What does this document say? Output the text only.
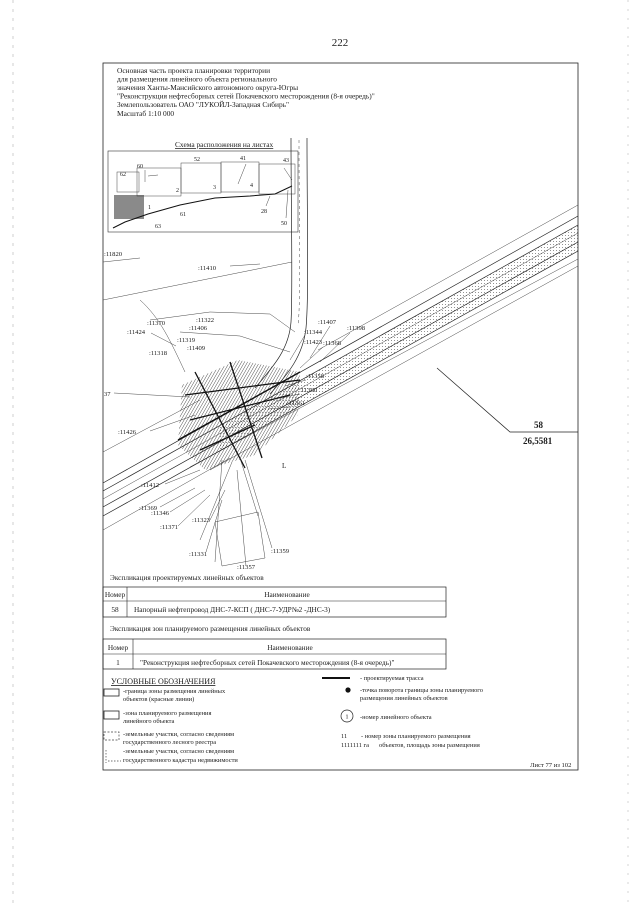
222
Основная часть проекта планировки территории
для размещения линейного объекта регионального
значения Ханты-Мансийского автономного округа-Югры
"Реконструкция нефтесборных сетей Покачевского месторождения (8-я очередь)"
Землепользователь ОАО "ЛУКОЙЛ-Западная Сибирь"
Масштаб 1:10 000
Схема расположения на листах
62
60
52	41	43
2	3	4
1
63
61	28
50
:11820
:11410
:11370	:11322
:11406
:11424
:11319
:11409
:11318
:11407
:11398
:11344
:11423 :11368
:11358
:11360
:11361
:11426
:11412
:11369
:11346
:11371
:11323
:11331	:11359
:11357
37
L
58
26,5581
Экспликация проектируемых линейных объектов
Номер	Наименование
58 Напорный нефтепровод ДНС-7-КСП ( ДНС-7-УДР№2 -ДНС-3)
Экспликация зон планируемого размещения линейных объектов
Номер	Наименование
1	"Реконструкция нефтесборных сетей Покачевского месторождения (8-я очередь)"
УСЛОВНЫЕ ОБОЗНАЧЕНИЯ
-граница зоны размещения линейных
объектов (красные линии)
-зона планируемого размещения
линейного объекта
-земельные участки, согласно сведениям
государственного лесного реестра
-земельные участки, согласно сведениям
государственного кадастра недвижимости
- проектируемая трасса
-точка поворота границы зоны планируемого
размещения линейных объектов
1 -номер линейного объекта
11 - номер зоны планируемого размещения
1111111 га объектов, площадь зоны размещения
Лист 77 из 102
